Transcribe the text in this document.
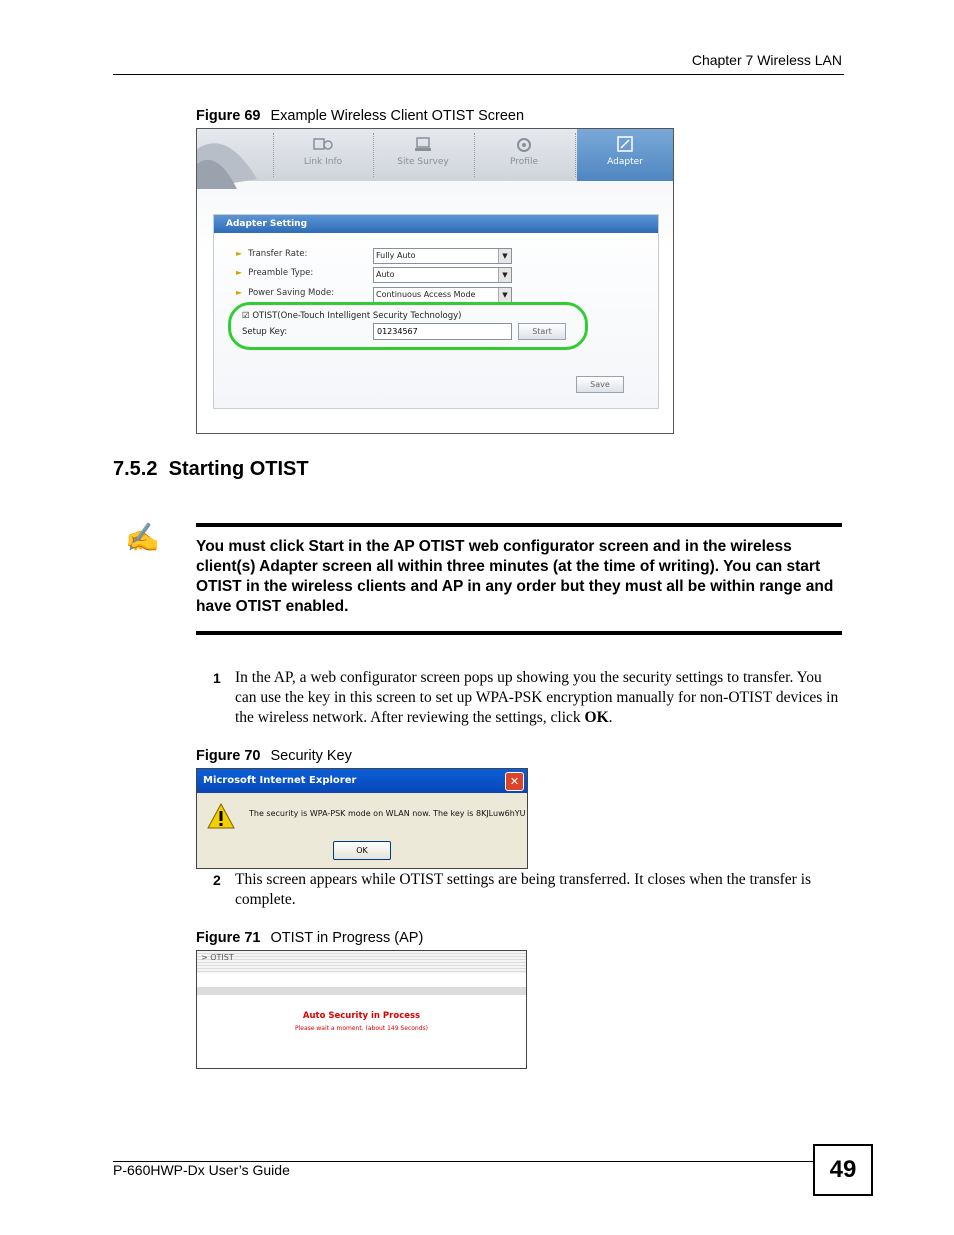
Chapter 7 Wireless LAN
Figure 69 Example Wireless Client OTIST Screen
Link Info	Site Survey	Profile	Adapter
Adapter Setting
► Transfer Rate:	Fully Auto	▼
► Preamble Type:	Auto	▼
► Power Saving Mode:	Continuous Access Mode	▼
☑ OTIST(One-Touch Intelligent Security Technology)
Setup Key:	01234567	Start
Save
7.5.2 Starting OTIST
✍ You must click Start in the AP OTIST web configurator screen and in the wireless client(s) Adapter screen all within three minutes (at the time of writing). You can start OTIST in the wireless clients and AP in any order but they must all be within range and have OTIST enabled.
1 In the AP, a web configurator screen pops up showing you the security settings to transfer. You can use the key in this screen to set up WPA-PSK encryption manually for non-OTIST devices in the wireless network. After reviewing the settings, click OK.
Figure 70 Security Key
Microsoft Internet Explorer	✕
The security is WPA-PSK mode on WLAN now. The key is 8KJLuw6hYU
OK
2 This screen appears while OTIST settings are being transferred. It closes when the transfer is complete.
Figure 71 OTIST in Progress (AP)
> OTIST
Auto Security in Process
Please wait a moment. (about 149 Seconds)
P-660HWP-Dx User’s Guide	49
